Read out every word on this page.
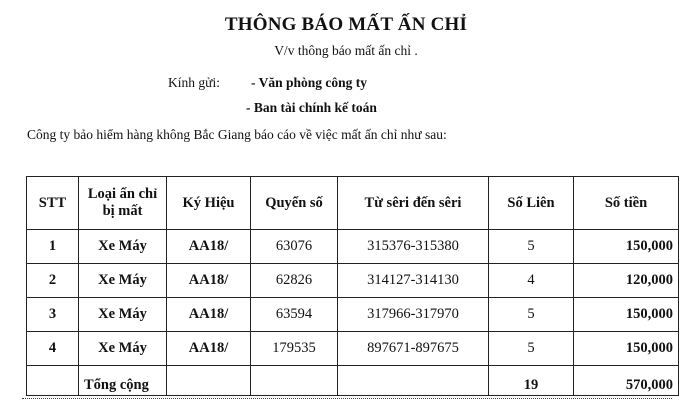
THÔNG BÁO MẤT ẤN CHỈ
V/v thông báo mất ấn chỉ .
Kính gửi: - Văn phòng công ty
- Ban tài chính kế toán
Công ty bảo hiểm hàng không Bắc Giang báo cáo về việc mất ấn chỉ như sau:
STT	Loại ấn chỉ bị mất	Ký Hiệu	Quyển số	Từ sêri đến sêri	Số Liên	Số tiền
1	Xe Máy	AA18/	63076	315376-315380	5	150,000
2	Xe Máy	AA18/	62826	314127-314130	4	120,000
3	Xe Máy	AA18/	63594	317966-317970	5	150,000
4	Xe Máy	AA18/	179535	897671-897675	5	150,000
	Tổng cộng				19	570,000
